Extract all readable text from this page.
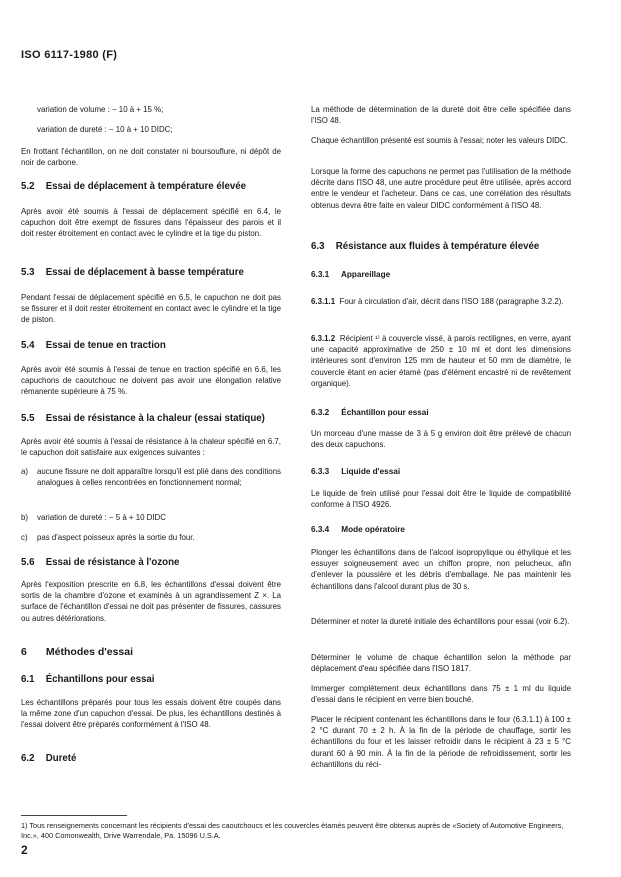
ISO 6117-1980 (F)

variation de volume : − 10 à + 15 %;

variation de dureté : − 10 à + 10 DIDC;

En frottant l'échantillon, on ne doit constater ni boursouflure, ni dépôt de noir de carbone.

5.2 Essai de déplacement à température élevée

Après avoir été soumis à l'essai de déplacement spécifié en 6.4, le capuchon doit être exempt de fissures dans l'épaisseur des parois et il doit rester étroitement en contact avec le cylindre et la tige du piston.

5.3 Essai de déplacement à basse température

Pendant l'essai de déplacement spécifié en 6.5, le capuchon ne doit pas se fissurer et il doit rester étroitement en contact avec le cylindre et la tige de piston.

5.4 Essai de tenue en traction

Après avoir été soumis à l'essai de tenue en traction spécifié en 6.6, les capuchons de caoutchouc ne doivent pas avoir une élongation relative rémanente supérieure à 75 %.

5.5 Essai de résistance à la chaleur (essai statique)

Après avoir été soumis à l'essai de résistance à la chaleur spécifié en 6.7, le capuchon doit satisfaire aux exigences suivantes :

a)	aucune fissure ne doit apparaître lorsqu'il est plié dans des conditions analogues à celles rencontrées en fonctionnement normal;
b)	variation de dureté : − 5 à + 10 DIDC
c)	pas d'aspect poisseux après la sortie du four.
5.6 Essai de résistance à l'ozone

Après l'exposition prescrite en 6.8, les échantillons d'essai doivent être sortis de la chambre d'ozone et examinés à un agrandissement Z ×. La surface de l'échantillon d'essai ne doit pas présenter de fissures, cassures ou autres détériorations.

6 Méthodes d'essai
6.1 Échantillons pour essai

Les échantillons préparés pour tous les essais doivent être coupés dans la même zone d'un capuchon d'essai. De plus, les échantillons destinés à l'essai doivent être préparés conformément à l'ISO 48.

6.2 Dureté

La méthode de détermination de la dureté doit être celle spécifiée dans l'ISO 48.

Chaque échantillon présenté est soumis à l'essai; noter les valeurs DIDC.

Lorsque la forme des capuchons ne permet pas l'utilisation de la méthode décrite dans l'ISO 48, une autre procédure peut être utilisée, après accord entre le vendeur et l'acheteur. Dans ce cas, une corrélation des résultats obtenus devra être faite en valeur DIDC conformément à l'ISO 48.

6.3 Résistance aux fluides à température élevée
6.3.1 Appareillage

6.3.1.1 Four à circulation d'air, décrit dans l'ISO 188 (paragraphe 3.2.2).

6.3.1.2 Récipient ¹⁾ à couvercle vissé, à parois rectilignes, en verre, ayant une capacité approximative de 250 ± 10 ml et dont les dimensions intérieures sont d'environ 125 mm de hauteur et 50 mm de diamètre, le couvercle étant en acier étamé (pas d'élément encastré ni de revêtement organique).

6.3.2 Échantillon pour essai

Un morceau d'une masse de 3 à 5 g environ doit être prélevé de chacun des deux capuchons.

6.3.3 Liquide d'essai

Le liquide de frein utilisé pour l'essai doit être le liquide de compatibilité conforme à l'ISO 4926.

6.3.4 Mode opératoire

Plonger les échantillons dans de l'alcool isopropylique ou éthylique et les essuyer soigneusement avec un chiffon propre, non pelucheux, afin d'enlever la poussière et les débris d'emballage. Ne pas maintenir les échantillons dans l'alcool durant plus de 30 s.

Déterminer et noter la dureté initiale des échantillons pour essai (voir 6.2).

Déterminer le volume de chaque échantillon selon la méthode par déplacement d'eau spécifiée dans l'ISO 1817.

Immerger complètement deux échantillons dans 75 ± 1 ml du liquide d'essai dans le récipient en verre bien bouché.

Placer le récipient contenant les échantillons dans le four (6.3.1.1) à 100 ± 2 °C durant 70 ± 2 h. À la fin de la période de chauffage, sortir les échantillons du four et les laisser refroidir dans le récipient à 23 ± 5 °C durant 60 à 90 min. À la fin de la période de refroidissement, sortir les échantillons du réci-

1) Tous renseignements concernant les récipients d'essai des caoutchoucs et les couvercles étamés peuvent être obtenus auprès de «Society of Automotive Engineers, Inc.», 400 Comonwealth, Drive Warrendale, Pa. 15096 U.S.A.
2
